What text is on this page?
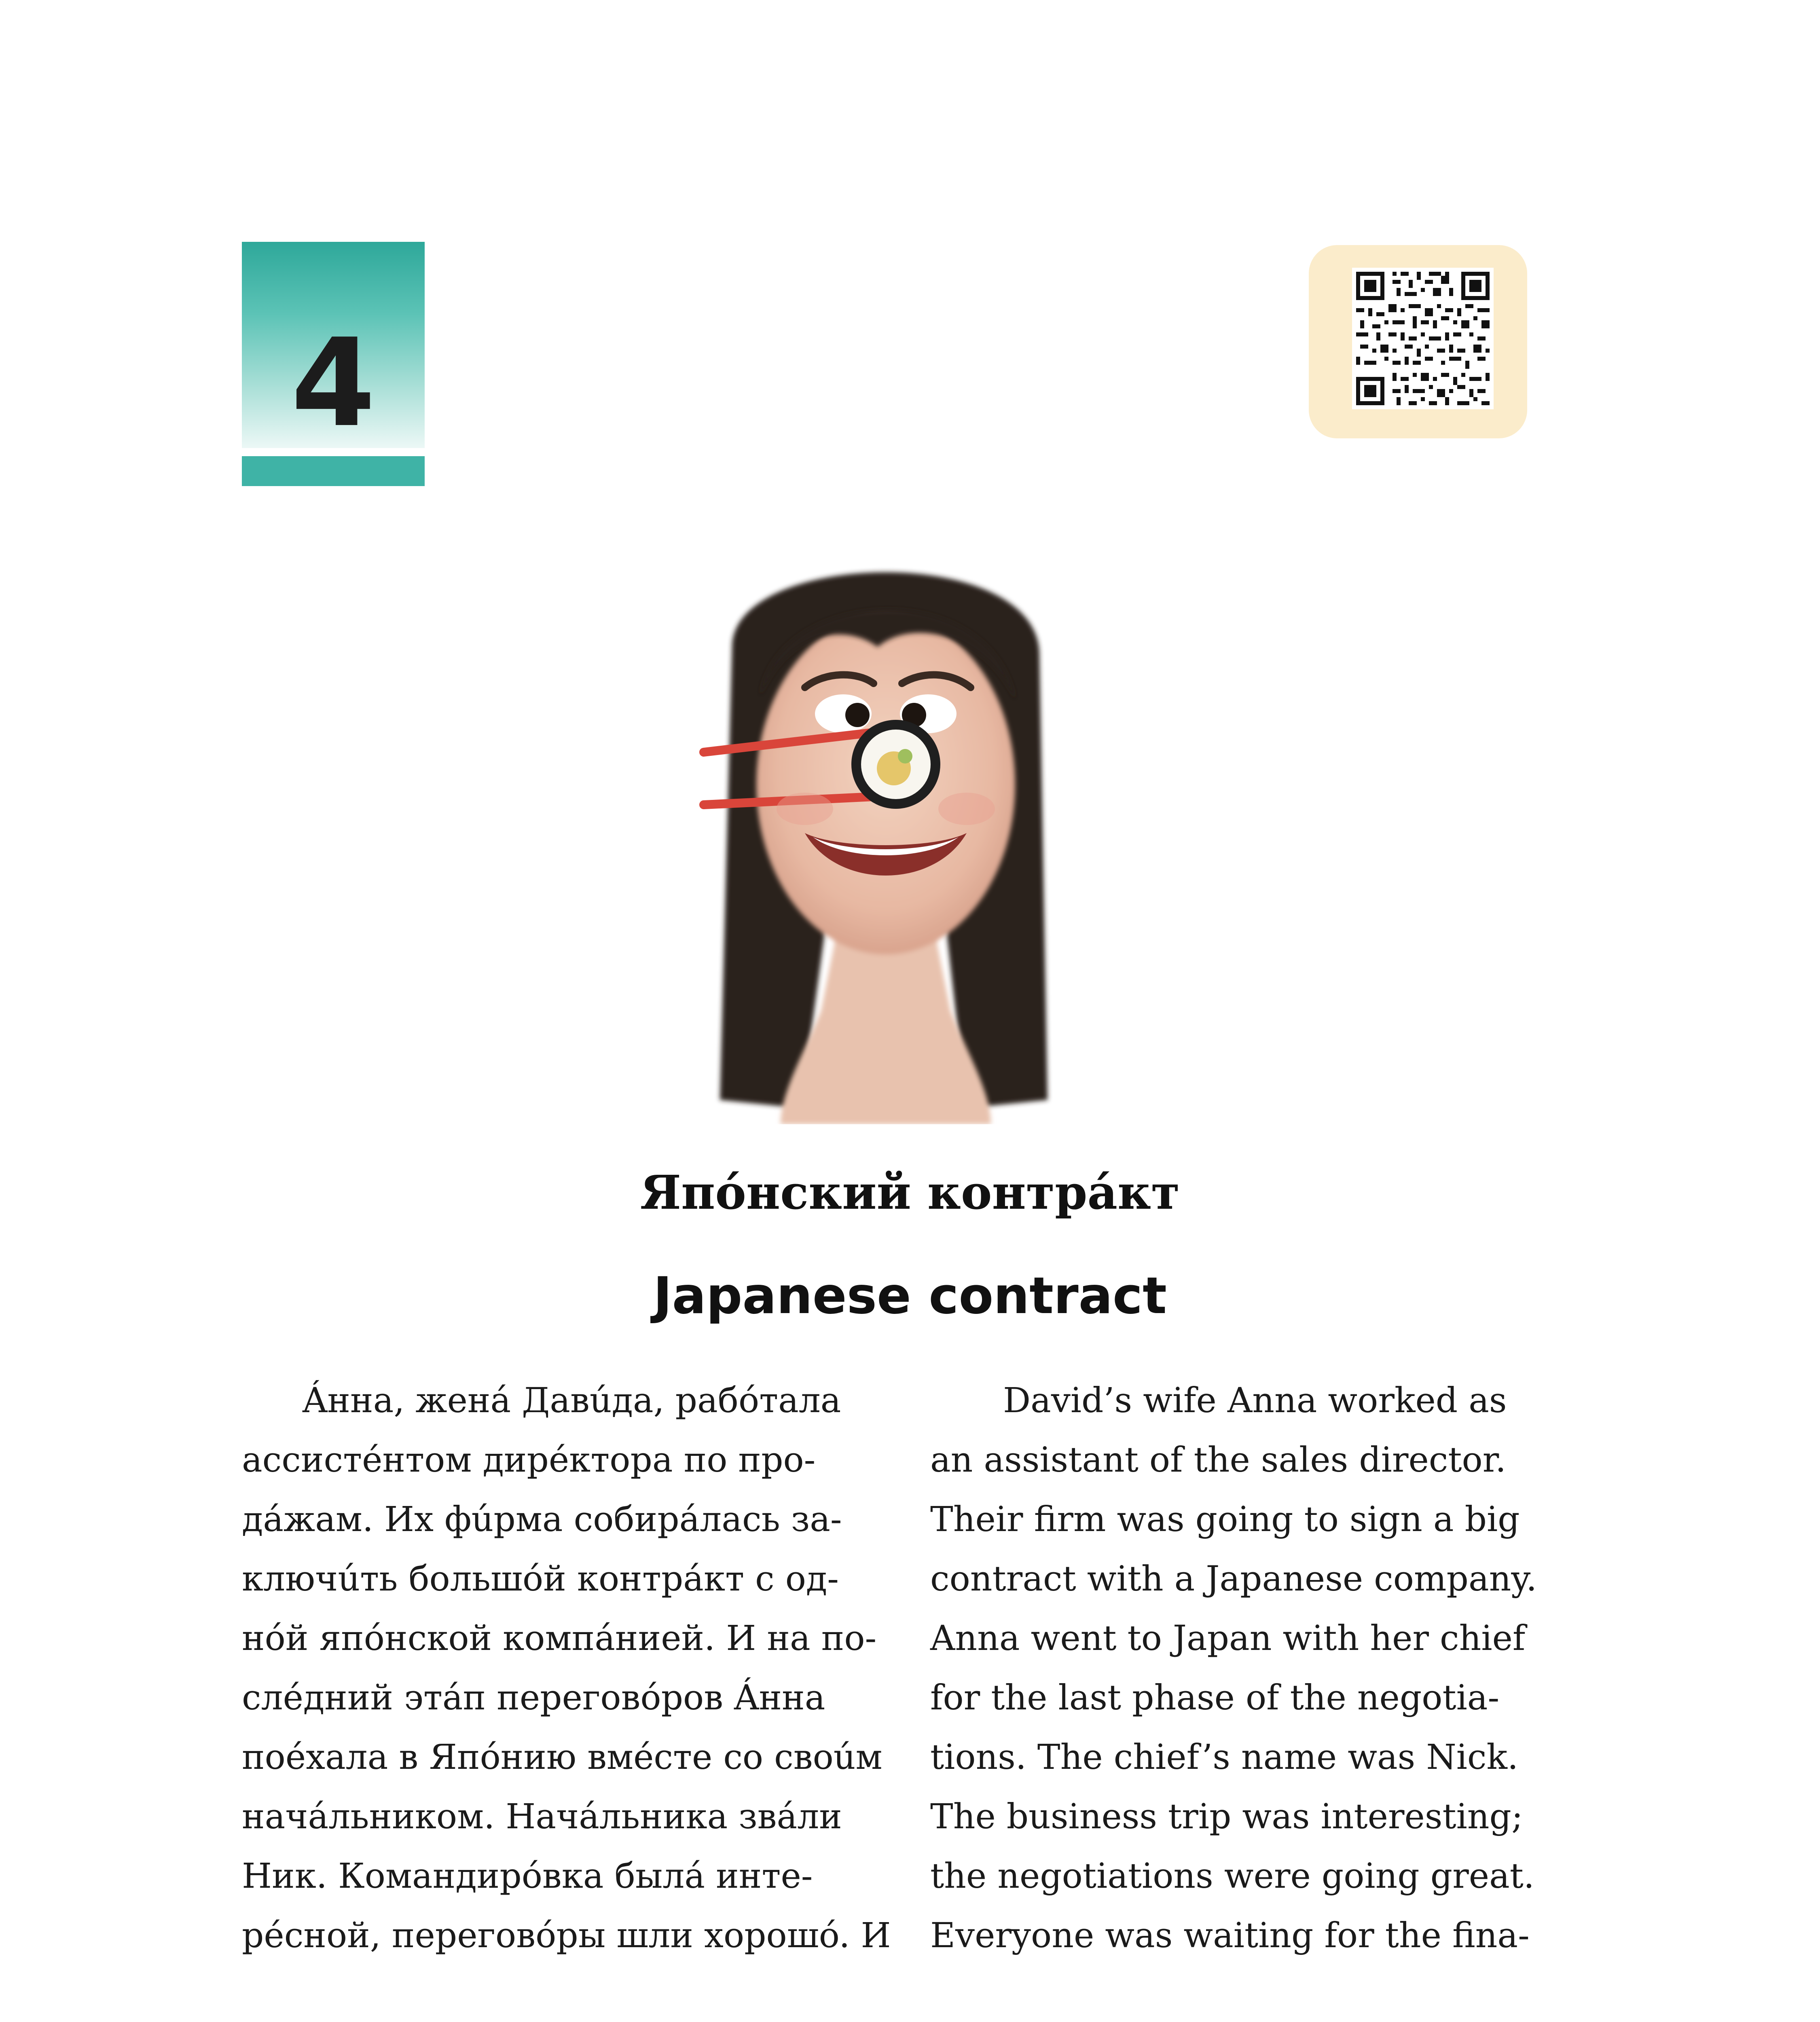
4
Япóнский контрáкт
Japanese contract
Áнна, женá Давúда, рабóтала
ассистéнтом дирéктора по про-
дáжам. Их фúрма собирáлась за-
ключúть большóй контрáкт с од-
нóй япóнской компáнией. И на по-
слéдний этáп переговóров Áнна
поéхала в Япóнию вмéсте со своúм
начáльником. Начáльника звáли
Ник. Командирóвка былá инте-
рéсной, переговóры шли хорошó. И
David’s wife Anna worked as
an assistant of the sales director.
Their firm was going to sign a big
contract with a Japanese company.
Anna went to Japan with her chief
for the last phase of the negotia-
tions. The chief’s name was Nick.
The business trip was interesting;
the negotiations were going great.
Everyone was waiting for the fina-
